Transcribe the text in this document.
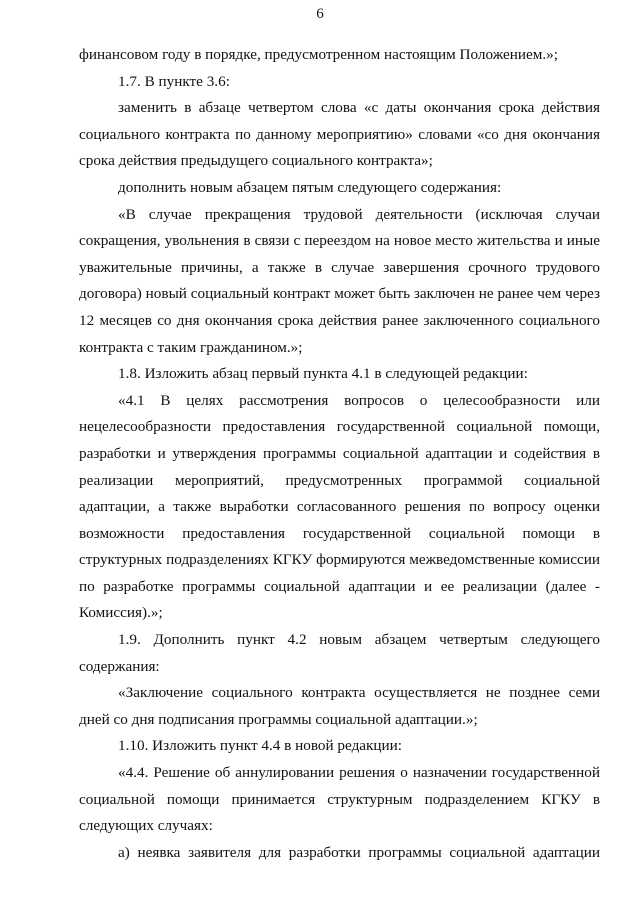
6

финансовом году в порядке, предусмотренном настоящим Положением.»;

1.7. В пункте 3.6:

заменить в абзаце четвертом слова «с даты окончания срока действия социального контракта по данному мероприятию» словами «со дня окончания срока действия предыдущего социального контракта»;

дополнить новым абзацем пятым следующего содержания:

«В случае прекращения трудовой деятельности (исключая случаи сокращения, увольнения в связи с переездом на новое место жительства и иные уважительные причины, а также в случае завершения срочного трудового договора) новый социальный контракт может быть заключен не ранее чем через 12 месяцев со дня окончания срока действия ранее заключенного социального контракта с таким гражданином.»;

1.8. Изложить абзац первый пункта 4.1 в следующей редакции:

«4.1 В целях рассмотрения вопросов о целесообразности или нецелесообразности предоставления государственной социальной помощи, разработки и утверждения программы социальной адаптации и содействия в реализации мероприятий, предусмотренных программой социальной адаптации, а также выработки согласованного решения по вопросу оценки возможности предоставления государственной социальной помощи в структурных подразделениях КГКУ формируются межведомственные комиссии по разработке программы социальной адаптации и ее реализации (далее - Комиссия).»;

1.9. Дополнить пункт 4.2 новым абзацем четвертым следующего содержания:

«Заключение социального контракта осуществляется не позднее семи дней со дня подписания программы социальной адаптации.»;

1.10. Изложить пункт 4.4 в новой редакции:

«4.4. Решение об аннулировании решения о назначении государственной социальной помощи принимается структурным подразделением КГКУ в следующих случаях:

а) неявка заявителя для разработки программы социальной адаптации
